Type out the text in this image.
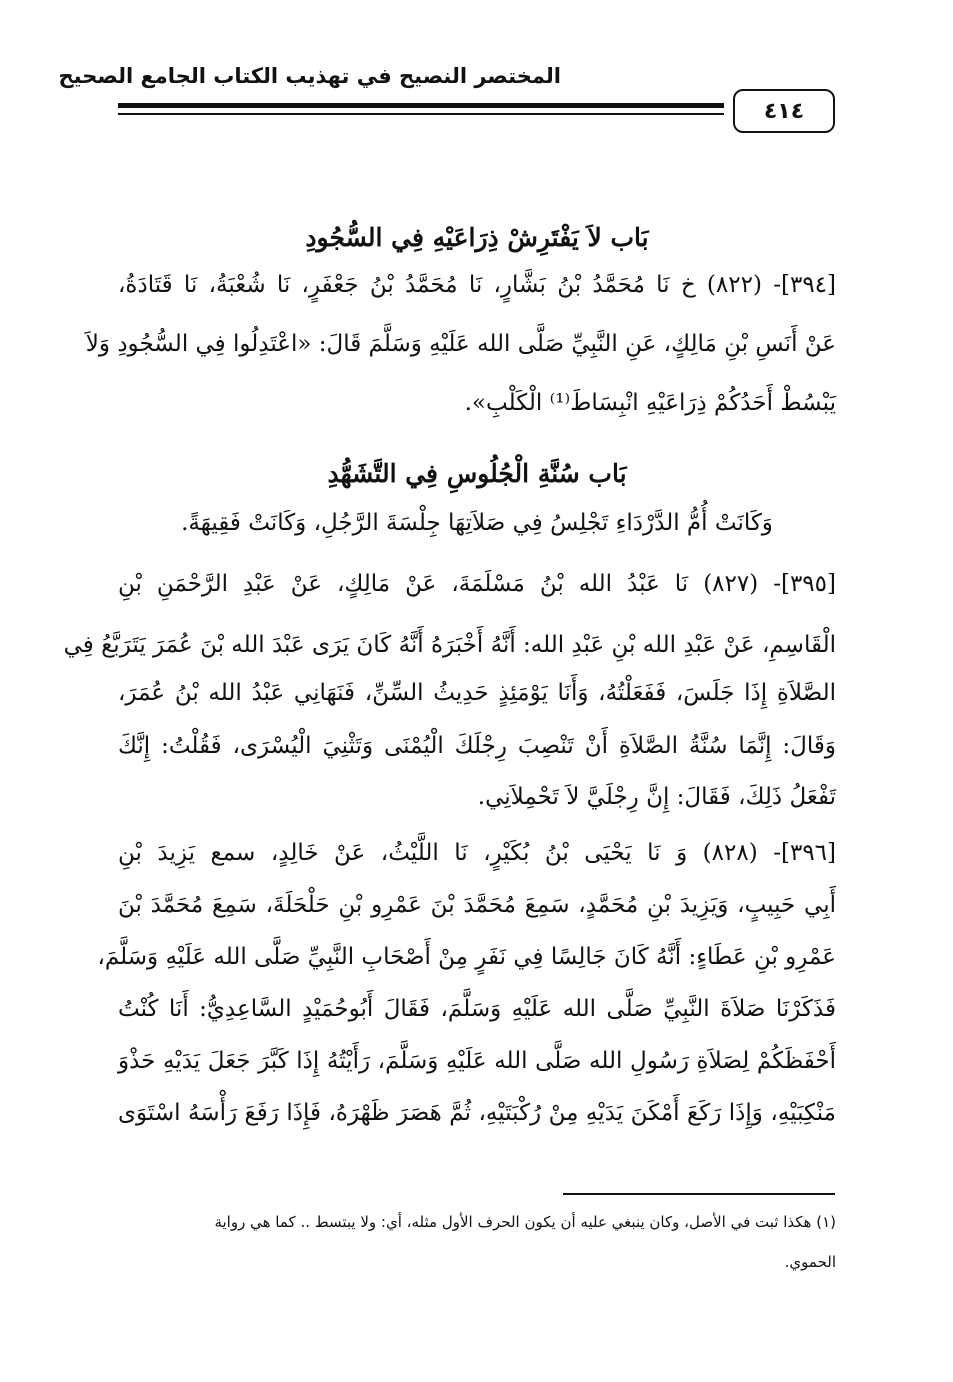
المختصر النصيح في تهذيب الكتاب الجامع الصحيح
٤١٤
بَاب لاَ يَفْتَرِشْ ذِرَاعَيْهِ فِي السُّجُودِ
[٣٩٤]- (٨٢٢) خ نَا مُحَمَّدُ بْنُ بَشَّارٍ، نَا مُحَمَّدُ بْنُ جَعْفَرٍ، نَا شُعْبَةُ، نَا قَتَادَةُ،
عَنْ أَنَسِ بْنِ مَالِكٍ، عَنِ النَّبِيِّ صَلَّى الله عَلَيْهِ وَسَلَّمَ قَالَ: «اعْتَدِلُوا فِي السُّجُودِ وَلاَ
يَبْسُطْ أَحَدُكُمْ ذِرَاعَيْهِ انْبِسَاطَ⁽¹⁾ الْكَلْبِ».
بَاب سُنَّةِ الْجُلُوسِ فِي التَّشَهُّدِ
وَكَانَتْ أُمُّ الدَّرْدَاءِ تَجْلِسُ فِي صَلاَتِهَا جِلْسَةَ الرَّجُلِ، وَكَانَتْ فَقِيهَةً.
[٣٩٥]- (٨٢٧) نَا عَبْدُ الله بْنُ مَسْلَمَةَ، عَنْ مَالِكٍ، عَنْ عَبْدِ الرَّحْمَنِ بْنِ
الْقَاسِمِ، عَنْ عَبْدِ الله بْنِ عَبْدِ الله: أَنَّهُ أَخْبَرَهُ أَنَّهُ كَانَ يَرَى عَبْدَ الله بْنَ عُمَرَ يَتَرَبَّعُ فِي
الصَّلاَةِ إِذَا جَلَسَ، فَفَعَلْتُهُ، وَأَنَا يَوْمَئِذٍ حَدِيثُ السِّنِّ، فَنَهَانِي عَبْدُ الله بْنُ عُمَرَ،
وَقَالَ: إِنَّمَا سُنَّةُ الصَّلاَةِ أَنْ تَنْصِبَ رِجْلَكَ الْيُمْنَى وَتَثْنِيَ الْيُسْرَى، فَقُلْتُ: إِنَّكَ
تَفْعَلُ ذَلِكَ، فَقَالَ: إِنَّ رِجْلَيَّ لاَ تَحْمِلاَنِي.
[٣٩٦]- (٨٢٨) وَ نَا يَحْيَى بْنُ بُكَيْرٍ، نَا اللَّيْثُ، عَنْ خَالِدٍ، سمع يَزِيدَ بْنِ
أَبِي حَبِيبٍ، وَيَزِيدَ بْنِ مُحَمَّدٍ، سَمِعَ مُحَمَّدَ بْنَ عَمْرِو بْنِ حَلْحَلَةَ، سَمِعَ مُحَمَّدَ بْنَ
عَمْرِو بْنِ عَطَاءٍ: أَنَّهُ كَانَ جَالِسًا فِي نَفَرٍ مِنْ أَصْحَابِ النَّبِيِّ صَلَّى الله عَلَيْهِ وَسَلَّمَ،
فَذَكَرْنَا صَلاَةَ النَّبِيِّ صَلَّى الله عَلَيْهِ وَسَلَّمَ، فَقَالَ أَبُوحُمَيْدٍ السَّاعِدِيُّ: أَنَا كُنْتُ
أَحْفَظَكُمْ لِصَلاَةِ رَسُولِ الله صَلَّى الله عَلَيْهِ وَسَلَّمَ، رَأَيْتُهُ إِذَا كَبَّرَ جَعَلَ يَدَيْهِ حَذْوَ
مَنْكِبَيْهِ، وَإِذَا رَكَعَ أَمْكَنَ يَدَيْهِ مِنْ رُكْبَتَيْهِ، ثُمَّ هَصَرَ ظَهْرَهُ، فَإِذَا رَفَعَ رَأْسَهُ اسْتَوَى
(١) هكذا ثبت في الأصل، وكان ينبغي عليه أن يكون الحرف الأول مثله، أي: ولا يبتسط .. كما هي رواية
الحموي.
